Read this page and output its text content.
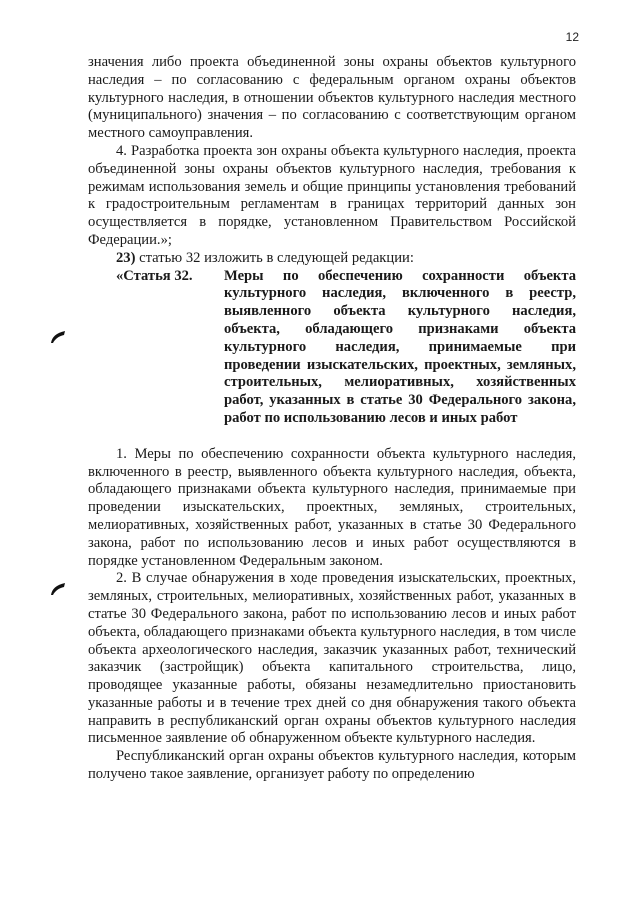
12

значения либо проекта объединенной зоны охраны объектов культурного наследия – по согласованию с федеральным органом охраны объектов культурного наследия, в отношении объектов культурного наследия местного (муниципального) значения – по согласованию с соответствующим органом местного самоуправления.

4. Разработка проекта зон охраны объекта культурного наследия, проекта объединенной зоны охраны объектов культурного наследия, требования к режимам использования земель и общие принципы установления требований к градостроительным регламентам в границах территорий данных зон осуществляется в порядке, установленном Правительством Российской Федерации.»;

23) статью 32 изложить в следующей редакции:

«Статья 32.	Меры по обеспечению сохранности объекта культурного наследия, включенного в реестр, выявленного объекта культурного наследия, объекта, обладающего признаками объекта культурного наследия, принимаемые при проведении изыскательских, проектных, земляных, строительных, мелиоративных, хозяйственных работ, указанных в статье 30 Федерального закона, работ по использованию лесов и иных работ

1. Меры по обеспечению сохранности объекта культурного наследия, включенного в реестр, выявленного объекта культурного наследия, объекта, обладающего признаками объекта культурного наследия, принимаемые при проведении изыскательских, проектных, земляных, строительных, мелиоративных, хозяйственных работ, указанных в статье 30 Федерального закона, работ по использованию лесов и иных работ осуществляются в порядке установленном Федеральным законом.

2. В случае обнаружения в ходе проведения изыскательских, проектных, земляных, строительных, мелиоративных, хозяйственных работ, указанных в статье 30 Федерального закона, работ по использованию лесов и иных работ объекта, обладающего признаками объекта культурного наследия, в том числе объекта археологического наследия, заказчик указанных работ, технический заказчик (застройщик) объекта капитального строительства, лицо, проводящее указанные работы, обязаны незамедлительно приостановить указанные работы и в течение трех дней со дня обнаружения такого объекта направить в республиканский орган охраны объектов культурного наследия письменное заявление об обнаруженном объекте культурного наследия.

Республиканский орган охраны объектов культурного наследия, которым получено такое заявление, организует работу по определению
